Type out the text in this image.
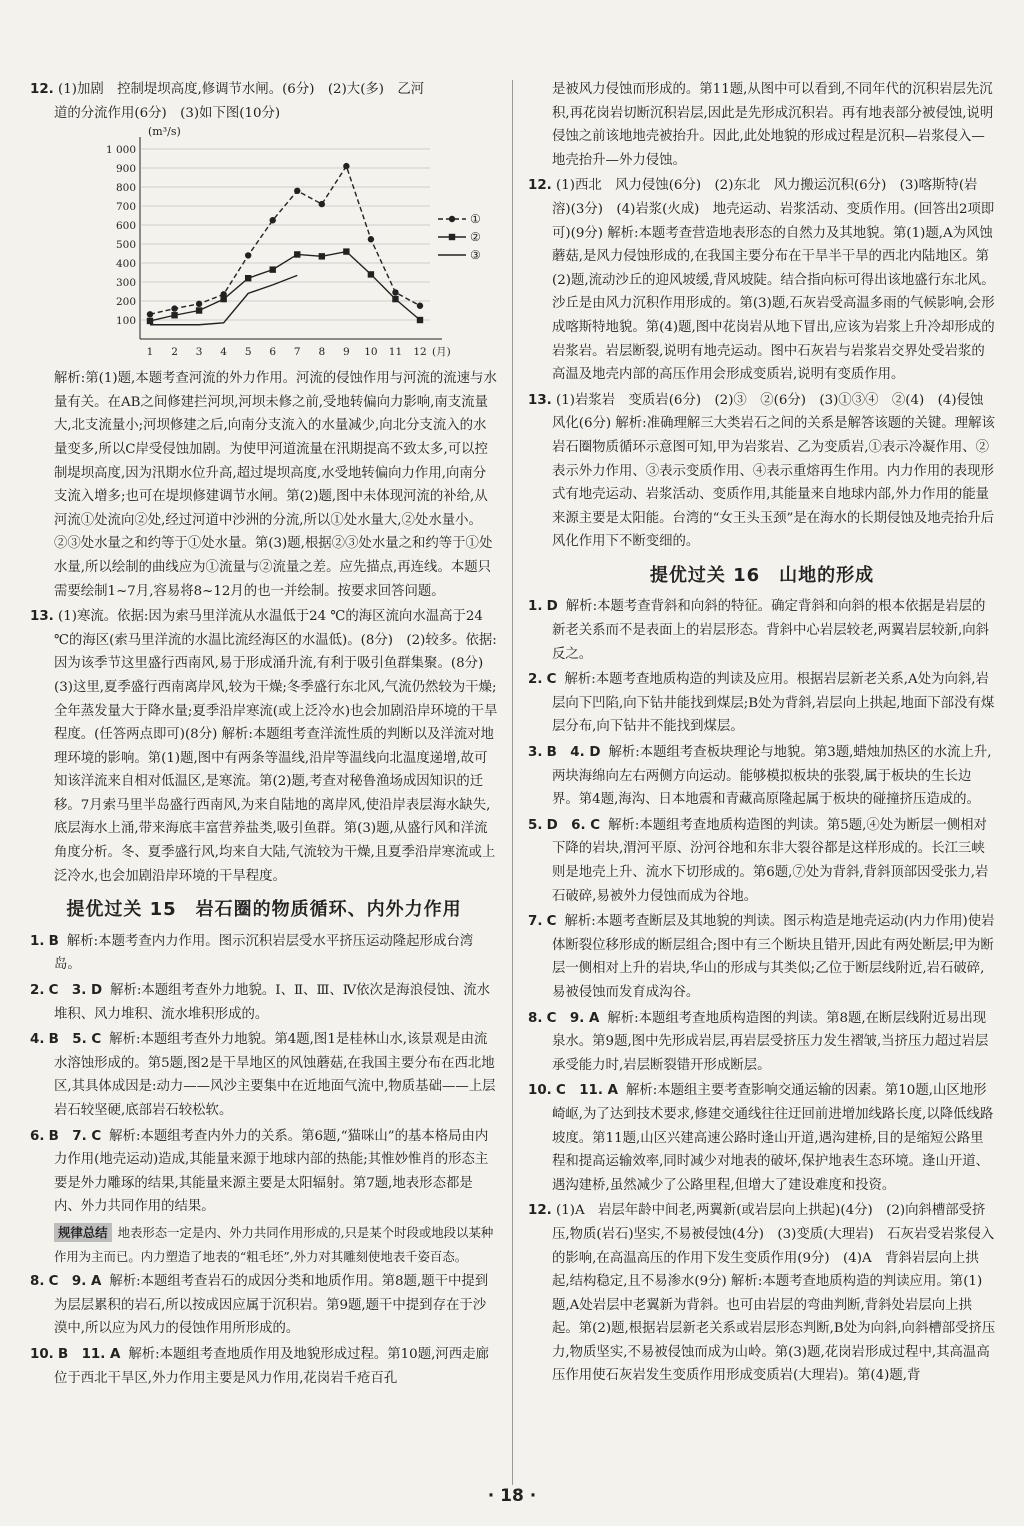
12. (1)加剧　控制堤坝高度,修调节水闸。(6分)　(2)大(多)　乙河
道的分流作用(6分)　(3)如下图(10分)
100
200
300
400
500
600
700
800
900
1 000
(m³/s)
1 2 3 4 5 6 7 8 9 10 11 12 (月)
①
②
③
解析:第(1)题,本题考查河流的外力作用。河流的侵蚀作用与河流的流速与水量有关。在AB之间修建拦河坝,河坝未修之前,受地转偏向力影响,南支流量大,北支流量小;河坝修建之后,向南分支流入的水量减少,向北分支流入的水量变多,所以C岸受侵蚀加剧。为使甲河道流量在汛期提高不致太多,可以控制堤坝高度,因为汛期水位升高,超过堤坝高度,水受地转偏向力作用,向南分支流入增多;也可在堤坝修建调节水闸。第(2)题,图中未体现河流的补给,从河流①处流向②处,经过河道中沙洲的分流,所以①处水量大,②处水量小。②③处水量之和约等于①处水量。第(3)题,根据②③处水量之和约等于①处水量,所以绘制的曲线应为①流量与②流量之差。应先描点,再连线。本题只需要绘制1~7月,容易将8~12月的也一并绘制。按要求回答问题。
13. (1)寒流。依据:因为索马里洋流从水温低于24 ℃的海区流向水温高于24 ℃的海区(索马里洋流的水温比流经海区的水温低)。(8分)　(2)较多。依据:因为该季节这里盛行西南风,易于形成涌升流,有利于吸引鱼群集聚。(8分)　(3)这里,夏季盛行西南离岸风,较为干燥;冬季盛行东北风,气流仍然较为干燥;全年蒸发量大于降水量;夏季沿岸寒流(或上泛冷水)也会加剧沿岸环境的干旱程度。(任答两点即可)(8分) 解析:本题组考查洋流性质的判断以及洋流对地理环境的影响。第(1)题,图中有两条等温线,沿岸等温线向北温度递增,故可知该洋流来自相对低温区,是寒流。第(2)题,考查对秘鲁渔场成因知识的迁移。7月索马里半岛盛行西南风,为来自陆地的离岸风,使沿岸表层海水缺失,底层海水上涌,带来海底丰富营养盐类,吸引鱼群。第(3)题,从盛行风和洋流角度分析。冬、夏季盛行风,均来自大陆,气流较为干燥,且夏季沿岸寒流或上泛冷水,也会加剧沿岸环境的干旱程度。
提优过关 15　岩石圈的物质循环、内外力作用
1. B 解析:本题考查内力作用。图示沉积岩层受水平挤压运动隆起形成台湾岛。
2. C　3. D 解析:本题组考查外力地貌。Ⅰ、Ⅱ、Ⅲ、Ⅳ依次是海浪侵蚀、流水堆积、风力堆积、流水堆积形成的。
4. B　5. C 解析:本题组考查外力地貌。第4题,图1是桂林山水,该景观是由流水溶蚀形成的。第5题,图2是干旱地区的风蚀蘑菇,在我国主要分布在西北地区,其具体成因是:动力——风沙主要集中在近地面气流中,物质基础——上层岩石较坚硬,底部岩石较松软。
6. B　7. C 解析:本题组考查内外力的关系。第6题,“猫咪山”的基本格局由内力作用(地壳运动)造成,其能量来源于地球内部的热能;其惟妙惟肖的形态主要是外力雕琢的结果,其能量来源主要是太阳辐射。第7题,地表形态都是内、外力共同作用的结果。
规律总结 地表形态一定是内、外力共同作用形成的,只是某个时段或地段以某种作用为主而已。内力塑造了地表的“粗毛坯”,外力对其雕刻使地表千姿百态。
8. C　9. A 解析:本题组考查岩石的成因分类和地质作用。第8题,题干中提到为层层累积的岩石,所以按成因应属于沉积岩。第9题,题干中提到存在于沙漠中,所以应为风力的侵蚀作用所形成的。
10. B　11. A 解析:本题组考查地质作用及地貌形成过程。第10题,河西走廊位于西北干旱区,外力作用主要是风力作用,花岗岩千疮百孔
是被风力侵蚀而形成的。第11题,从图中可以看到,不同年代的沉积岩层先沉积,再花岗岩切断沉积岩层,因此是先形成沉积岩。再有地表部分被侵蚀,说明侵蚀之前该地地壳被抬升。因此,此处地貌的形成过程是沉积—岩浆侵入—地壳抬升—外力侵蚀。
12. (1)西北　风力侵蚀(6分)　(2)东北　风力搬运沉积(6分)　(3)喀斯特(岩溶)(3分)　(4)岩浆(火成)　地壳运动、岩浆活动、变质作用。(回答出2项即可)(9分) 解析:本题考查营造地表形态的自然力及其地貌。第(1)题,A为风蚀蘑菇,是风力侵蚀形成的,在我国主要分布在干旱半干旱的西北内陆地区。第(2)题,流动沙丘的迎风坡缓,背风坡陡。结合指向标可得出该地盛行东北风。沙丘是由风力沉积作用形成的。第(3)题,石灰岩受高温多雨的气候影响,会形成喀斯特地貌。第(4)题,图中花岗岩从地下冒出,应该为岩浆上升冷却形成的岩浆岩。岩层断裂,说明有地壳运动。图中石灰岩与岩浆岩交界处受岩浆的高温及地壳内部的高压作用会形成变质岩,说明有变质作用。
13. (1)岩浆岩　变质岩(6分)　(2)③　②(6分)　(3)①③④　②(4)　(4)侵蚀　风化(6分) 解析:准确理解三大类岩石之间的关系是解答该题的关键。理解该岩石圈物质循环示意图可知,甲为岩浆岩、乙为变质岩,①表示冷凝作用、②表示外力作用、③表示变质作用、④表示重熔再生作用。内力作用的表现形式有地壳运动、岩浆活动、变质作用,其能量来自地球内部,外力作用的能量来源主要是太阳能。台湾的“女王头玉颈”是在海水的长期侵蚀及地壳抬升后风化作用下不断变细的。
提优过关 16　山地的形成
1. D 解析:本题考查背斜和向斜的特征。确定背斜和向斜的根本依据是岩层的新老关系而不是表面上的岩层形态。背斜中心岩层较老,两翼岩层较新,向斜反之。
2. C 解析:本题考查地质构造的判读及应用。根据岩层新老关系,A处为向斜,岩层向下凹陷,向下钻井能找到煤层;B处为背斜,岩层向上拱起,地面下部没有煤层分布,向下钻井不能找到煤层。
3. B　4. D 解析:本题组考查板块理论与地貌。第3题,蜡烛加热区的水流上升,两块海绵向左右两侧方向运动。能够模拟板块的张裂,属于板块的生长边界。第4题,海沟、日本地震和青藏高原隆起属于板块的碰撞挤压造成的。
5. D　6. C 解析:本题组考查地质构造图的判读。第5题,④处为断层一侧相对下降的岩块,渭河平原、汾河谷地和东非大裂谷都是这样形成的。长江三峡则是地壳上升、流水下切形成的。第6题,⑦处为背斜,背斜顶部因受张力,岩石破碎,易被外力侵蚀而成为谷地。
7. C 解析:本题考查断层及其地貌的判读。图示构造是地壳运动(内力作用)使岩体断裂位移形成的断层组合;图中有三个断块且错开,因此有两处断层;甲为断层一侧相对上升的岩块,华山的形成与其类似;乙位于断层线附近,岩石破碎,易被侵蚀而发育成沟谷。
8. C　9. A 解析:本题组考查地质构造图的判读。第8题,在断层线附近易出现泉水。第9题,图中先形成岩层,再岩层受挤压力发生褶皱,当挤压力超过岩层承受能力时,岩层断裂错开形成断层。
10. C　11. A 解析:本题组主要考查影响交通运输的因素。第10题,山区地形崎岖,为了达到技术要求,修建交通线往往迂回前进增加线路长度,以降低线路坡度。第11题,山区兴建高速公路时逢山开道,遇沟建桥,目的是缩短公路里程和提高运输效率,同时减少对地表的破坏,保护地表生态环境。逢山开道、遇沟建桥,虽然减少了公路里程,但增大了建设难度和投资。
12. (1)A　岩层年龄中间老,两翼新(或岩层向上拱起)(4分)　(2)向斜槽部受挤压,物质(岩石)坚实,不易被侵蚀(4分)　(3)变质(大理岩)　石灰岩受岩浆侵入的影响,在高温高压的作用下发生变质作用(9分)　(4)A　背斜岩层向上拱起,结构稳定,且不易渗水(9分) 解析:本题考查地质构造的判读应用。第(1)题,A处岩层中老翼新为背斜。也可由岩层的弯曲判断,背斜处岩层向上拱起。第(2)题,根据岩层新老关系或岩层形态判断,B处为向斜,向斜槽部受挤压力,物质坚实,不易被侵蚀而成为山岭。第(3)题,花岗岩形成过程中,其高温高压作用使石灰岩发生变质作用形成变质岩(大理岩)。第(4)题,背
· 18 ·
